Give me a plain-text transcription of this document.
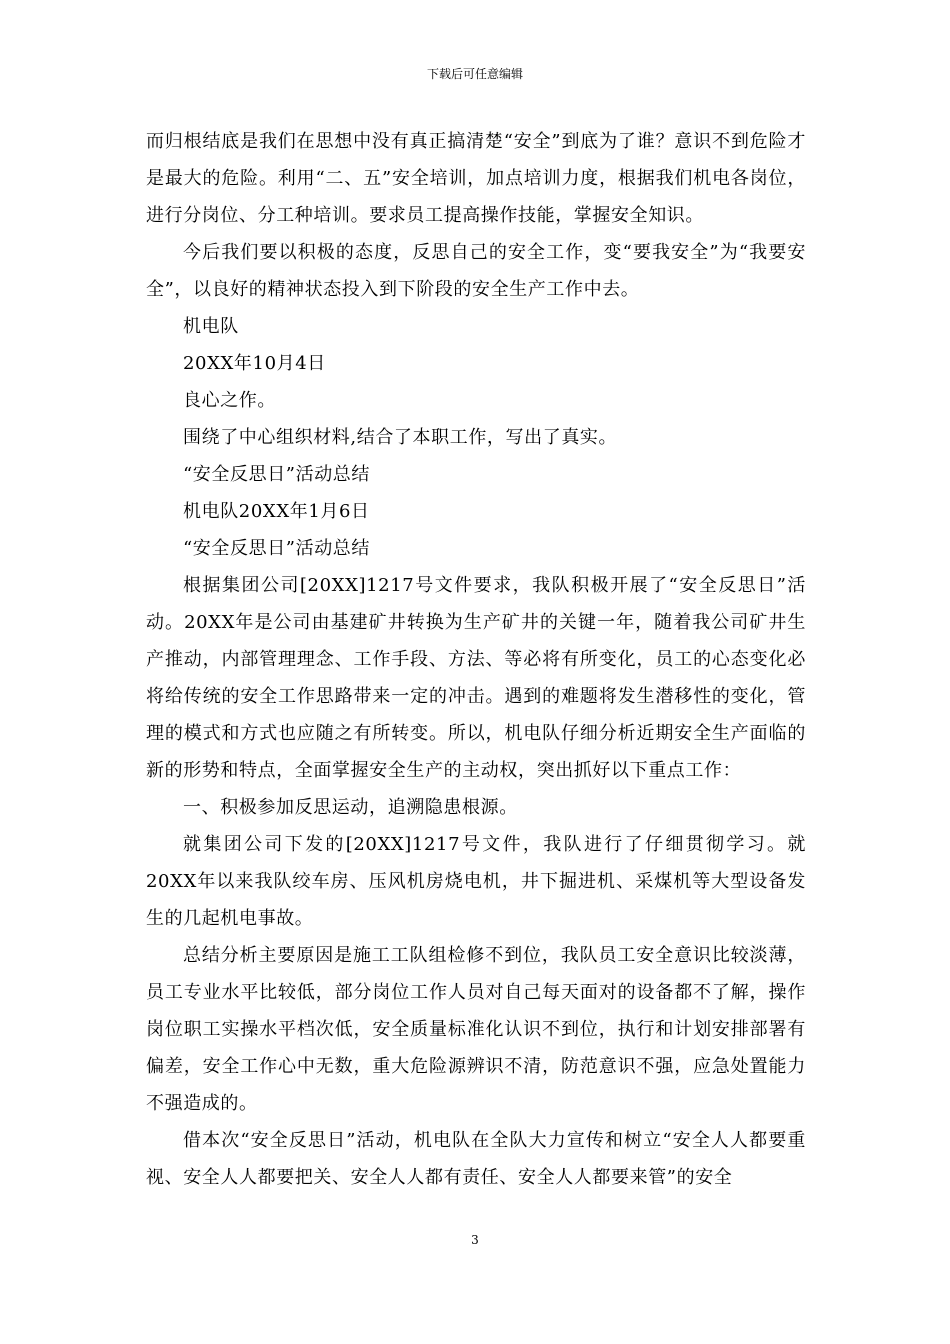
下载后可任意编辑

而归根结底是我们在思想中没有真正搞清楚“安全”到底为了谁？意识不到危险才是最大的危险。利用“二、五”安全培训，加点培训力度，根据我们机电各岗位，进行分岗位、分工种培训。要求员工提高操作技能，掌握安全知识。

今后我们要以积极的态度，反思自己的安全工作，变“要我安全”为“我要安全”，以良好的精神状态投入到下阶段的安全生产工作中去。

机电队

20XX年10月4日

良心之作。

围绕了中心组织材料,结合了本职工作，写出了真实。

“安全反思日”活动总结

机电队20XX年1月6日

“安全反思日”活动总结

根据集团公司[20XX]1217号文件要求，我队积极开展了“安全反思日”活动。20XX年是公司由基建矿井转换为生产矿井的关键一年，随着我公司矿井生产推动，内部管理理念、工作手段、方法、等必将有所变化，员工的心态变化必将给传统的安全工作思路带来一定的冲击。遇到的难题将发生潜移性的变化，管理的模式和方式也应随之有所转变。所以，机电队仔细分析近期安全生产面临的新的形势和特点，全面掌握安全生产的主动权，突出抓好以下重点工作：

一、积极参加反思运动，追溯隐患根源。

就集团公司下发的[20XX]1217号文件，我队进行了仔细贯彻学习。就20XX年以来我队绞车房、压风机房烧电机，井下掘进机、采煤机等大型设备发生的几起机电事故。

总结分析主要原因是施工工队组检修不到位，我队员工安全意识比较淡薄，员工专业水平比较低，部分岗位工作人员对自己每天面对的设备都不了解，操作岗位职工实操水平档次低，安全质量标准化认识不到位，执行和计划安排部署有偏差，安全工作心中无数，重大危险源辨识不清，防范意识不强，应急处置能力不强造成的。

借本次“安全反思日”活动，机电队在全队大力宣传和树立“安全人人都要重视、安全人人都要把关、安全人人都有责任、安全人人都要来管”的安全

3
